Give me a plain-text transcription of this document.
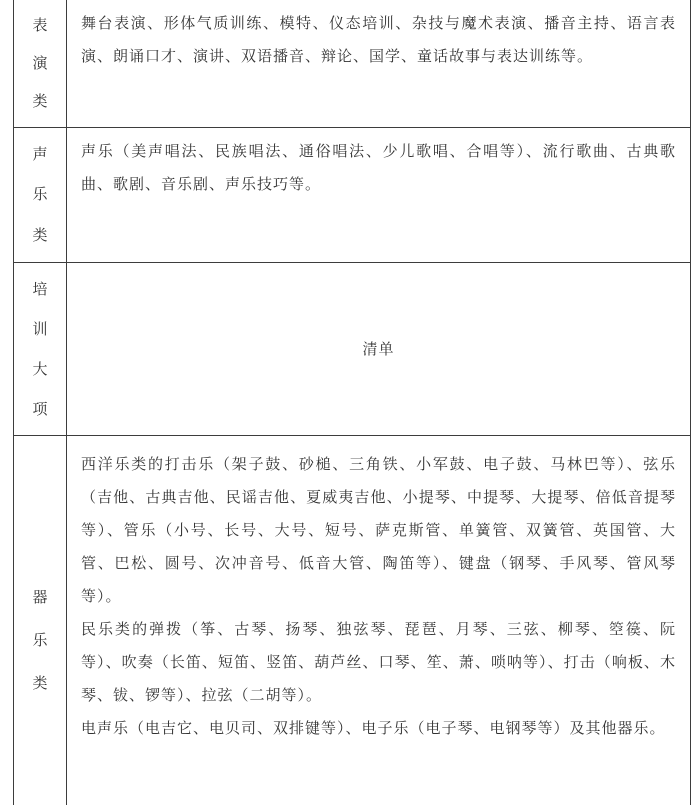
表
演
类

舞台表演、形体气质训练、模特、仪态培训、杂技与魔术表演、播音主持、语言表演、朗诵口才、演讲、双语播音、辩论、国学、童话故事与表达训练等。

声
乐
类

声乐（美声唱法、民族唱法、通俗唱法、少儿歌唱、合唱等）、流行歌曲、古典歌曲、歌剧、音乐剧、声乐技巧等。

培
训
大
项

清单

器
乐
类

西洋乐类的打击乐（架子鼓、砂槌、三角铁、小军鼓、电子鼓、马林巴等）、弦乐（吉他、古典吉他、民谣吉他、夏威夷吉他、小提琴、中提琴、大提琴、倍低音提琴等）、管乐（小号、长号、大号、短号、萨克斯管、单簧管、双簧管、英国管、大管、巴松、圆号、次冲音号、低音大管、陶笛等）、键盘（钢琴、手风琴、管风琴等）。

民乐类的弹拨（筝、古琴、扬琴、独弦琴、琵琶、月琴、三弦、柳琴、箜篌、阮等）、吹奏（长笛、短笛、竖笛、葫芦丝、口琴、笙、萧、唢呐等）、打击（响板、木琴、钹、锣等）、拉弦（二胡等）。

电声乐（电吉它、电贝司、双排键等）、电子乐（电子琴、电钢琴等）及其他器乐。
